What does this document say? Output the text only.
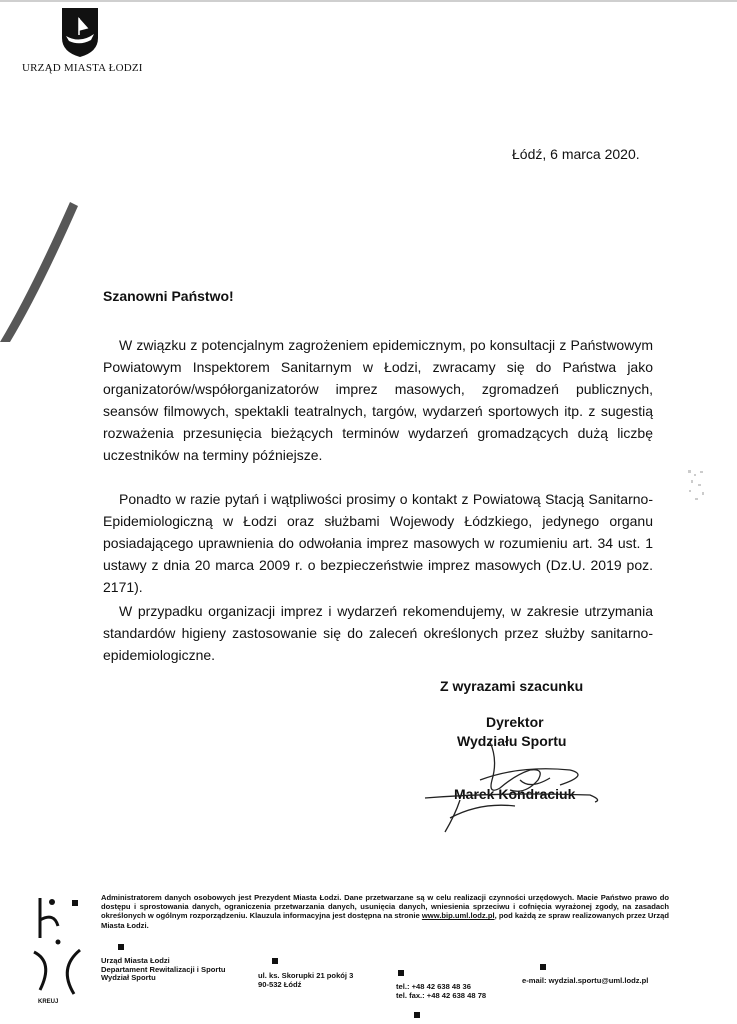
URZĄD MIASTA ŁODZI
Łódź, 6 marca 2020.
Szanowni Państwo!
W związku z potencjalnym zagrożeniem epidemicznym, po konsultacji z Państwowym Powiatowym Inspektorem Sanitarnym w Łodzi, zwracamy się do Państwa jako organizatorów/współorganizatorów imprez masowych, zgromadzeń publicznych, seansów filmowych, spektakli teatralnych, targów, wydarzeń sportowych itp. z sugestią rozważenia przesunięcia bieżących terminów wydarzeń gromadzących dużą liczbę uczestników na terminy późniejsze.
Ponadto w razie pytań i wątpliwości prosimy o kontakt z Powiatową Stacją Sanitarno-Epidemiologiczną w Łodzi oraz służbami Wojewody Łódzkiego, jedynego organu posiadającego uprawnienia do odwołania imprez masowych w rozumieniu art. 34 ust. 1 ustawy z dnia 20 marca 2009 r. o bezpieczeństwie imprez masowych (Dz.U. 2019 poz. 2171).
W przypadku organizacji imprez i wydarzeń rekomendujemy, w zakresie utrzymania standardów higieny zastosowanie się do zaleceń określonych przez służby sanitarno-epidemiologiczne.
Z wyrazami szacunku
Dyrektor
Wydziału Sportu
Marek Kondraciuk
KREUJ
Administratorem danych osobowych jest Prezydent Miasta Łodzi. Dane przetwarzane są w celu realizacji czynności urzędowych. Macie Państwo prawo do dostępu i sprostowania danych, ograniczenia przetwarzania danych, usunięcia danych, wniesienia sprzeciwu i cofnięcia wyrażonej zgody, na zasadach określonych w ogólnym rozporządzeniu. Klauzula informacyjna jest dostępna na stronie www.bip.uml.lodz.pl, pod każdą ze spraw realizowanych przez Urząd Miasta Łodzi.
Urząd Miasta Łodzi
Departament Rewitalizacji i Sportu
Wydział Sportu	ul. ks. Skorupki 21 pokój 3
90-532 Łódź	tel.: +48 42 638 48 36
tel. fax.: +48 42 638 48 78
e-mail: wydzial.sportu@uml.lodz.pl
